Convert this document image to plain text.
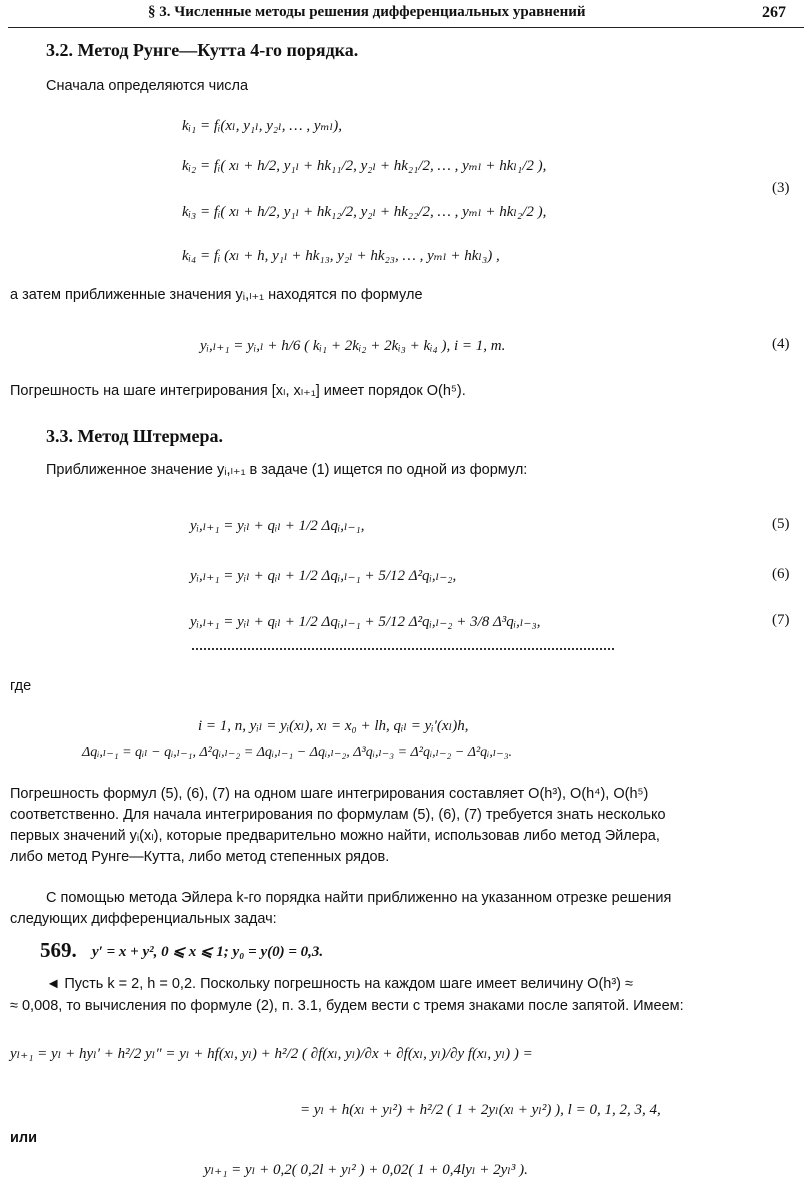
§ 3. Численные методы решения дифференциальных уравнений	267
3.2. Метод Рунге—Кутта 4-го порядка.
Сначала определяются числа
kᵢ₁ = fᵢ(xₗ, y₁ₗ, y₂ₗ, … , yₘₗ),
kᵢ₂ = fᵢ( xₗ + h/2, y₁ₗ + hk₁₁/2, y₂ₗ + hk₂₁/2, … , yₘₗ + hkₗ₁/2 ),
kᵢ₃ = fᵢ( xₗ + h/2, y₁ₗ + hk₁₂/2, y₂ₗ + hk₂₂/2, … , yₘₗ + hkₗ₂/2 ),
kᵢ₄ = fᵢ (xₗ + h, y₁ₗ + hk₁₃, y₂ₗ + hk₂₃, … , yₘₗ + hkₗ₃) ,
(3)
а затем приближенные значения yᵢ,ₗ₊₁ находятся по формуле
yᵢ,ₗ₊₁ = yᵢ,ₗ + h/6 ( kᵢ₁ + 2kᵢ₂ + 2kᵢ₃ + kᵢ₄ ), i = 1, m.	(4)
Погрешность на шаге интегрирования [xₗ, xₗ₊₁] имеет порядок O(h⁵).
3.3. Метод Штермера.
Приближенное значение yᵢ,ₗ₊₁ в задаче (1) ищется по одной из формул:
yᵢ,ₗ₊₁ = yᵢₗ + qᵢₗ + 1/2 Δqᵢ,ₗ₋₁,	(5)
yᵢ,ₗ₊₁ = yᵢₗ + qᵢₗ + 1/2 Δqᵢ,ₗ₋₁ + 5/12 Δ²qᵢ,ₗ₋₂,	(6)
yᵢ,ₗ₊₁ = yᵢₗ + qᵢₗ + 1/2 Δqᵢ,ₗ₋₁ + 5/12 Δ²qᵢ,ₗ₋₂ + 3/8 Δ³qᵢ,ₗ₋₃,	(7)
где
i = 1, n, yᵢₗ = yᵢ(xₗ), xₗ = x₀ + lh, qᵢₗ = yᵢ′(xₗ)h,
Δqᵢ,ₗ₋₁ = qᵢₗ − qᵢ,ₗ₋₁, Δ²qᵢ,ₗ₋₂ = Δqᵢ,ₗ₋₁ − Δqᵢ,ₗ₋₂, Δ³qᵢ,ₗ₋₃ = Δ²qᵢ,ₗ₋₂ − Δ²qᵢ,ₗ₋₃.
Погрешность формул (5), (6), (7) на одном шаге интегрирования составляет O(h³), O(h⁴), O(h⁵)
соответственно. Для начала интегрирования по формулам (5), (6), (7) требуется знать несколько
первых значений yᵢ(xₗ), которые предварительно можно найти, использовав либо метод Эйлера,
либо метод Рунге—Кутта, либо метод степенных рядов.
С помощью метода Эйлера k-го порядка найти приближенно на указанном отрезке решения
следующих дифференциальных задач:
569. y′ = x + y², 0 ⩽ x ⩽ 1; y₀ = y(0) = 0,3.
◄ Пусть k = 2, h = 0,2. Поскольку погрешность на каждом шаге имеет величину O(h³) ≈
≈ 0,008, то вычисления по формуле (2), п. 3.1, будем вести с тремя знаками после запятой. Имеем:
yₗ₊₁ = yₗ + hyₗ′ + h²/2 yₗ″ = yₗ + hf(xₗ, yₗ) + h²/2 ( ∂f(xₗ, yₗ)/∂x + ∂f(xₗ, yₗ)/∂y f(xₗ, yₗ) ) =
= yₗ + h(xₗ + yₗ²) + h²/2 ( 1 + 2yₗ(xₗ + yₗ²) ), l = 0, 1, 2, 3, 4,
или
yₗ₊₁ = yₗ + 0,2( 0,2l + yₗ² ) + 0,02( 1 + 0,4lyₗ + 2yₗ³ ).
